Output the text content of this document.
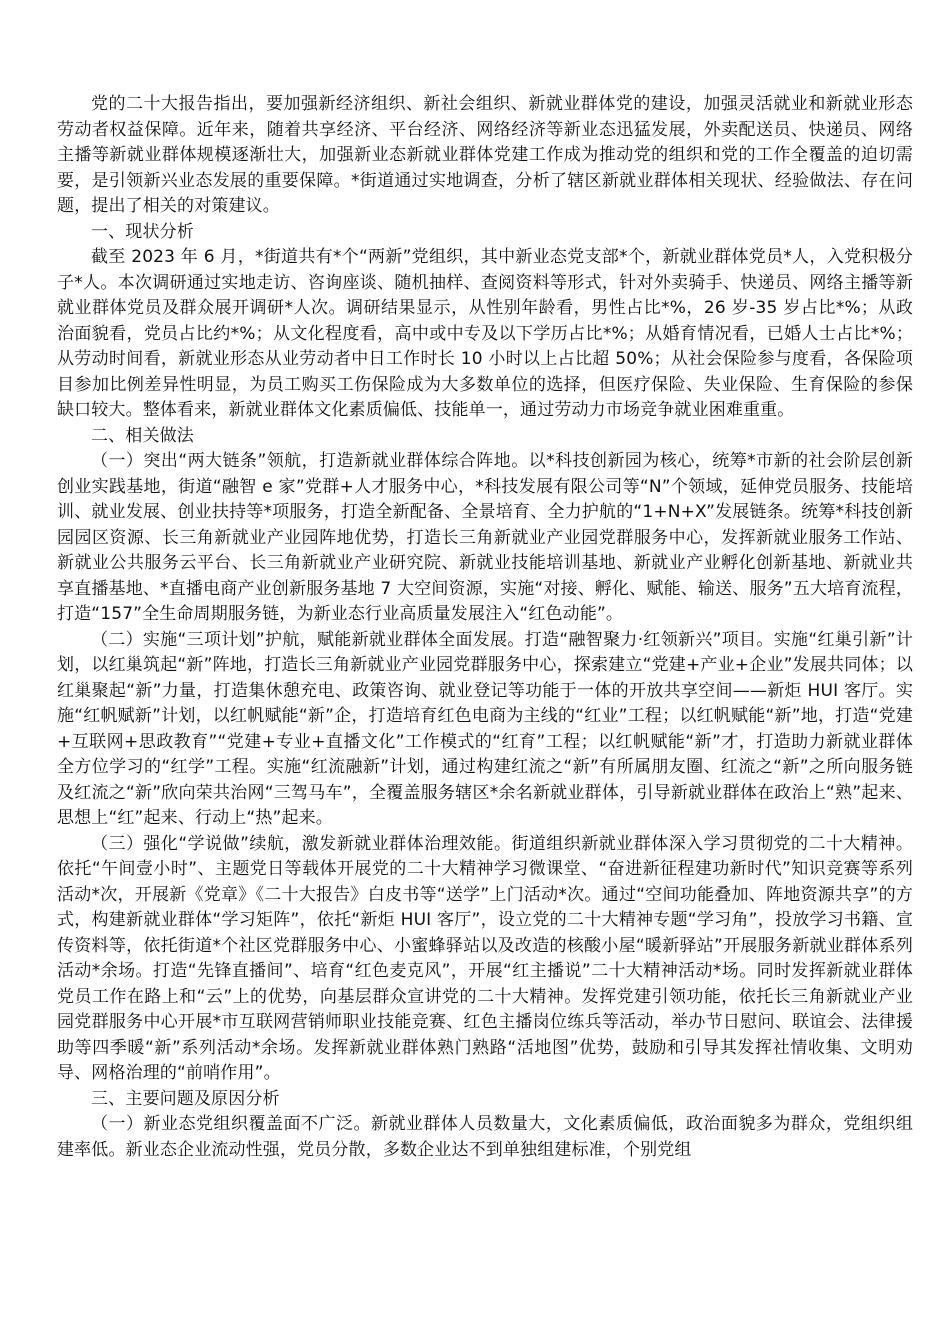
党的二十大报告指出，要加强新经济组织、新社会组织、新就业群体党的建设，加强灵活就业和新就业形态劳动者权益保障。近年来，随着共享经济、平台经济、网络经济等新业态迅猛发展，外卖配送员、快递员、网络主播等新就业群体规模逐渐壮大，加强新业态新就业群体党建工作成为推动党的组织和党的工作全覆盖的迫切需要，是引领新兴业态发展的重要保障。*街道通过实地调查，分析了辖区新就业群体相关现状、经验做法、存在问题，提出了相关的对策建议。

一、现状分析

截至 2023 年 6 月，*街道共有*个“两新”党组织，其中新业态党支部*个，新就业群体党员*人，入党积极分子*人。本次调研通过实地走访、咨询座谈、随机抽样、查阅资料等形式，针对外卖骑手、快递员、网络主播等新就业群体党员及群众展开调研*人次。调研结果显示，从性别年龄看，男性占比*%，26 岁-35 岁占比*%；从政治面貌看，党员占比约*%；从文化程度看，高中或中专及以下学历占比*%；从婚育情况看，已婚人士占比*%；从劳动时间看，新就业形态从业劳动者中日工作时长 10 小时以上占比超 50%；从社会保险参与度看，各保险项目参加比例差异性明显，为员工购买工伤保险成为大多数单位的选择，但医疗保险、失业保险、生育保险的参保缺口较大。整体看来，新就业群体文化素质偏低、技能单一，通过劳动力市场竞争就业困难重重。

二、相关做法

（一）突出“两大链条”领航，打造新就业群体综合阵地。以*科技创新园为核心，统筹*市新的社会阶层创新创业实践基地，街道“融智 e 家”党群+人才服务中心，*科技发展有限公司等“N”个领域，延伸党员服务、技能培训、就业发展、创业扶持等*项服务，打造全新配备、全景培育、全力护航的“1+N+X”发展链条。统筹*科技创新园园区资源、长三角新就业产业园阵地优势，打造长三角新就业产业园党群服务中心，发挥新就业服务工作站、新就业公共服务云平台、长三角新就业产业研究院、新就业技能培训基地、新就业产业孵化创新基地、新就业共享直播基地、*直播电商产业创新服务基地 7 大空间资源，实施“对接、孵化、赋能、输送、服务”五大培育流程，打造“157”全生命周期服务链，为新业态行业高质量发展注入“红色动能”。

（二）实施“三项计划”护航，赋能新就业群体全面发展。打造“融智聚力·红领新兴”项目。实施“红巢引新”计划，以红巢筑起“新”阵地，打造长三角新就业产业园党群服务中心，探索建立“党建+产业+企业”发展共同体；以红巢聚起“新”力量，打造集休憩充电、政策咨询、就业登记等功能于一体的开放共享空间——新炬 HUI 客厅。实施“红帆赋新”计划，以红帆赋能“新”企，打造培育红色电商为主线的“红业”工程；以红帆赋能“新”地，打造“党建+互联网+思政教育”“党建+专业+直播文化”工作模式的“红育”工程；以红帆赋能“新”才，打造助力新就业群体全方位学习的“红学”工程。实施“红流融新”计划，通过构建红流之“新”有所属朋友圈、红流之“新”之所向服务链及红流之“新”欣向荣共治网“三驾马车”，全覆盖服务辖区*余名新就业群体，引导新就业群体在政治上“熟”起来、思想上“红”起来、行动上“热”起来。

（三）强化“学说做”续航，激发新就业群体治理效能。街道组织新就业群体深入学习贯彻党的二十大精神。依托“午间壹小时”、主题党日等载体开展党的二十大精神学习微课堂、“奋进新征程建功新时代”知识竞赛等系列活动*次，开展新《党章》《二十大报告》白皮书等“送学”上门活动*次。通过“空间功能叠加、阵地资源共享”的方式，构建新就业群体“学习矩阵”，依托“新炬 HUI 客厅”，设立党的二十大精神专题“学习角”，投放学习书籍、宣传资料等，依托街道*个社区党群服务中心、小蜜蜂驿站以及改造的核酸小屋“暖新驿站”开展服务新就业群体系列活动*余场。打造“先锋直播间”、培育“红色麦克风”，开展“红主播说”二十大精神活动*场。同时发挥新就业群体党员工作在路上和“云”上的优势，向基层群众宣讲党的二十大精神。发挥党建引领功能，依托长三角新就业产业园党群服务中心开展*市互联网营销师职业技能竞赛、红色主播岗位练兵等活动，举办节日慰问、联谊会、法律援助等四季暖“新”系列活动*余场。发挥新就业群体熟门熟路“活地图”优势，鼓励和引导其发挥社情收集、文明劝导、网格治理的“前哨作用”。

三、主要问题及原因分析

（一）新业态党组织覆盖面不广泛。新就业群体人员数量大，文化素质偏低，政治面貌多为群众，党组织组建率低。新业态企业流动性强，党员分散，多数企业达不到单独组建标准，个别党组
